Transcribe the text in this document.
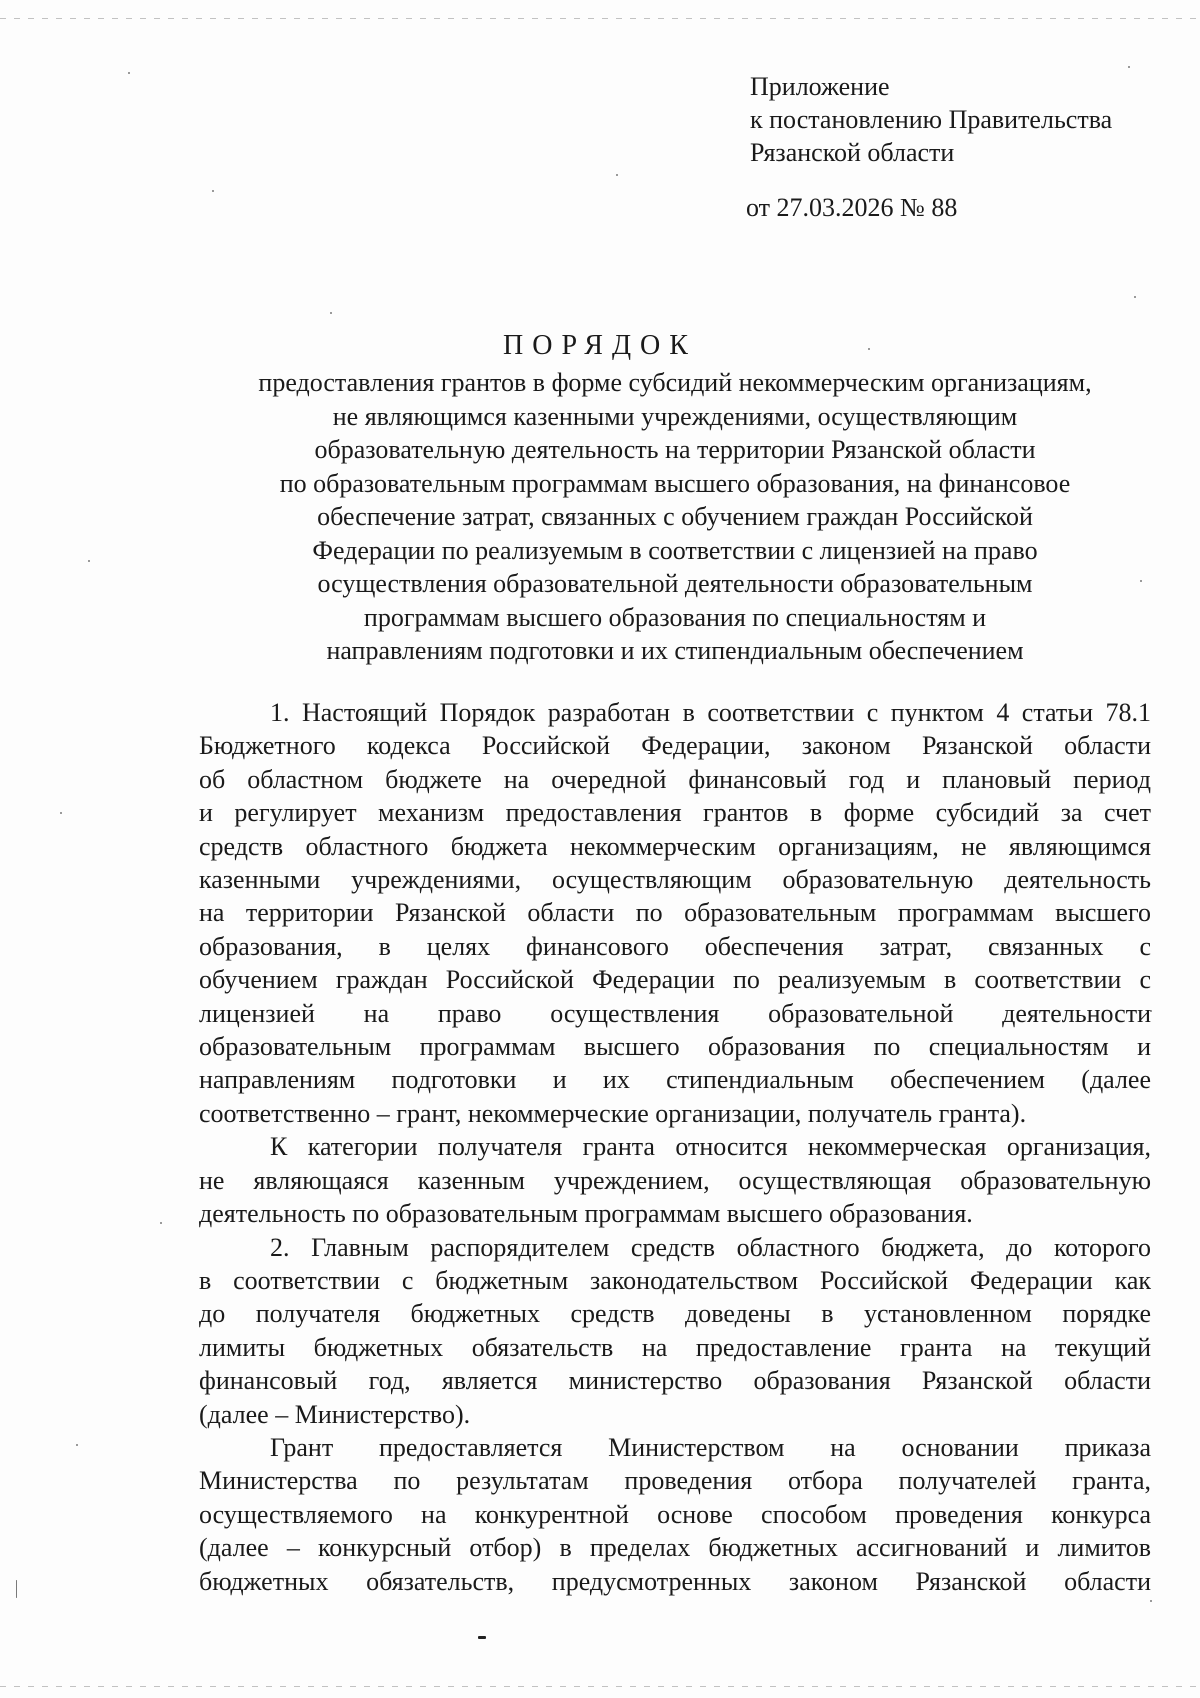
Приложение
к постановлению Правительства
Рязанской области
от 27.03.2026 № 88
ПОРЯДОК
предоставления грантов в форме субсидий некоммерческим организациям,
не являющимся казенными учреждениями, осуществляющим
образовательную деятельность на территории Рязанской области
по образовательным программам высшего образования, на финансовое
обеспечение затрат, связанных с обучением граждан Российской
Федерации по реализуемым в соответствии с лицензией на право
осуществления образовательной деятельности образовательным
программам высшего образования по специальностям и
направлениям подготовки и их стипендиальным обеспечением
1. Настоящий Порядок разработан в соответствии с пунктом 4 статьи 78.1
Бюджетного кодекса Российской Федерации, законом Рязанской области
об областном бюджете на очередной финансовый год и плановый период
и регулирует механизм предоставления грантов в форме субсидий за счет
средств областного бюджета некоммерческим организациям, не являющимся
казенными учреждениями, осуществляющим образовательную деятельность
на территории Рязанской области по образовательным программам высшего
образования, в целях финансового обеспечения затрат, связанных с
обучением граждан Российской Федерации по реализуемым в соответствии с
лицензией на право осуществления образовательной деятельности
образовательным программам высшего образования по специальностям и
направлениям подготовки и их стипендиальным обеспечением (далее
соответственно – грант, некоммерческие организации, получатель гранта).
К категории получателя гранта относится некоммерческая организация,
не являющаяся казенным учреждением, осуществляющая образовательную
деятельность по образовательным программам высшего образования.
2. Главным распорядителем средств областного бюджета, до которого
в соответствии с бюджетным законодательством Российской Федерации как
до получателя бюджетных средств доведены в установленном порядке
лимиты бюджетных обязательств на предоставление гранта на текущий
финансовый год, является министерство образования Рязанской области
(далее – Министерство).
Грант предоставляется Министерством на основании приказа
Министерства по результатам проведения отбора получателей гранта,
осуществляемого на конкурентной основе способом проведения конкурса
(далее – конкурсный отбор) в пределах бюджетных ассигнований и лимитов
бюджетных обязательств, предусмотренных законом Рязанской области
